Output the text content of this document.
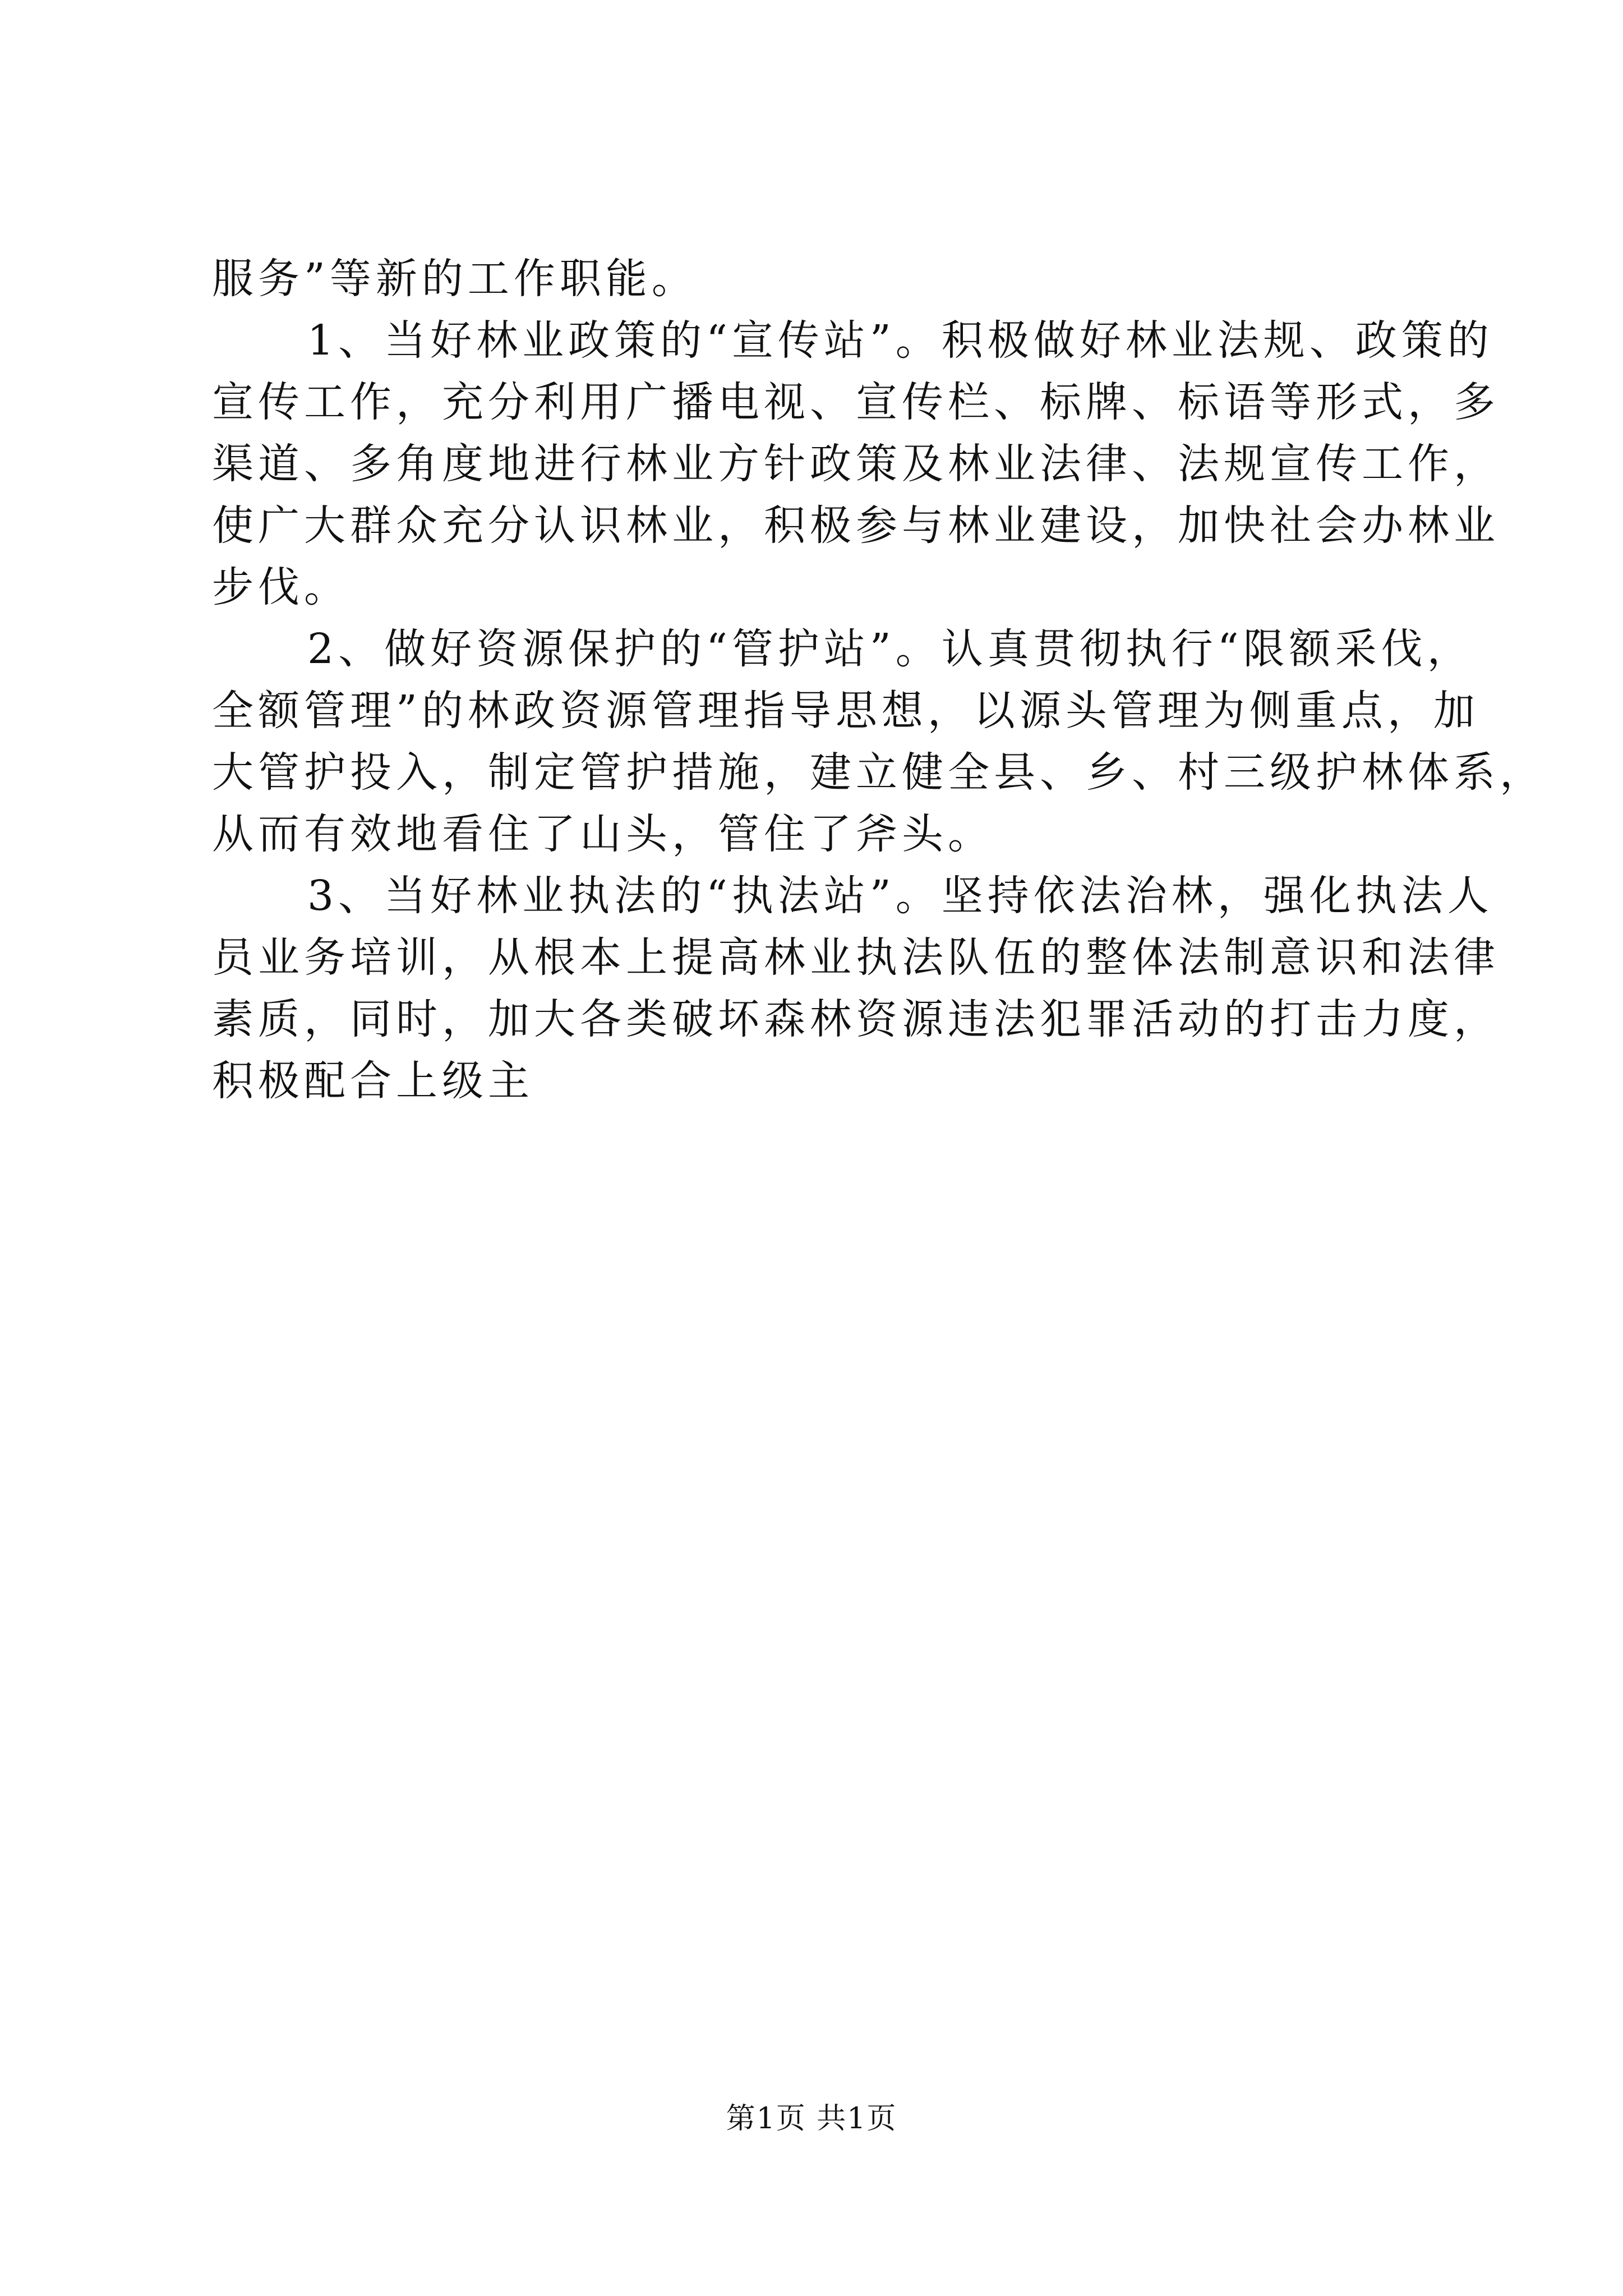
服务”等新的工作职能。

1、当好林业政策的“宣传站”。积极做好林业法规、政策的

宣传工作，充分利用广播电视、宣传栏、标牌、标语等形式，多

渠道、多角度地进行林业方针政策及林业法律、法规宣传工作，

使广大群众充分认识林业，积极参与林业建设，加快社会办林业

步伐。

2、做好资源保护的“管护站”。认真贯彻执行“限额采伐，

全额管理”的林政资源管理指导思想，以源头管理为侧重点，加

大管护投入，制定管护措施，建立健全县、乡、村三级护林体系，

从而有效地看住了山头，管住了斧头。

3、当好林业执法的“执法站”。坚持依法治林，强化执法人

员业务培训，从根本上提高林业执法队伍的整体法制意识和法律

素质，同时，加大各类破坏森林资源违法犯罪活动的打击力度，

积极配合上级主

第1页 共1页
